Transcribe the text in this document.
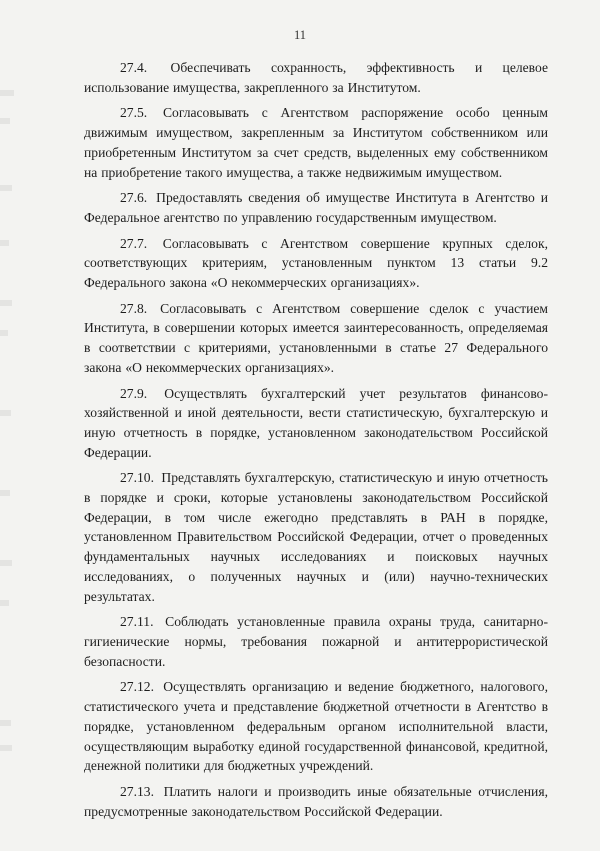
11

27.4. Обеспечивать сохранность, эффективность и целевое использование имущества, закрепленного за Институтом.

27.5. Согласовывать с Агентством распоряжение особо ценным движимым имуществом, закрепленным за Институтом собственником или приобретенным Институтом за счет средств, выделенных ему собственником на приобретение такого имущества, а также недвижимым имуществом.

27.6. Предоставлять сведения об имуществе Института в Агентство и Федеральное агентство по управлению государственным имуществом.

27.7. Согласовывать с Агентством совершение крупных сделок, соответствующих критериям, установленным пунктом 13 статьи 9.2 Федерального закона «О некоммерческих организациях».

27.8. Согласовывать с Агентством совершение сделок с участием Института, в совершении которых имеется заинтересованность, определяемая в соответствии с критериями, установленными в статье 27 Федерального закона «О некоммерческих организациях».

27.9. Осуществлять бухгалтерский учет результатов финансово-хозяйственной и иной деятельности, вести статистическую, бухгалтерскую и иную отчетность в порядке, установленном законодательством Российской Федерации.

27.10. Представлять бухгалтерскую, статистическую и иную отчетность в порядке и сроки, которые установлены законодательством Российской Федерации, в том числе ежегодно представлять в РАН в порядке, установленном Правительством Российской Федерации, отчет о проведенных фундаментальных научных исследованиях и поисковых научных исследованиях, о полученных научных и (или) научно-технических результатах.

27.11. Соблюдать установленные правила охраны труда, санитарно-гигиенические нормы, требования пожарной и антитеррористической безопасности.

27.12. Осуществлять организацию и ведение бюджетного, налогового, статистического учета и представление бюджетной отчетности в Агентство в порядке, установленном федеральным органом исполнительной власти, осуществляющим выработку единой государственной финансовой, кредитной, денежной политики для бюджетных учреждений.

27.13. Платить налоги и производить иные обязательные отчисления, предусмотренные законодательством Российской Федерации.
